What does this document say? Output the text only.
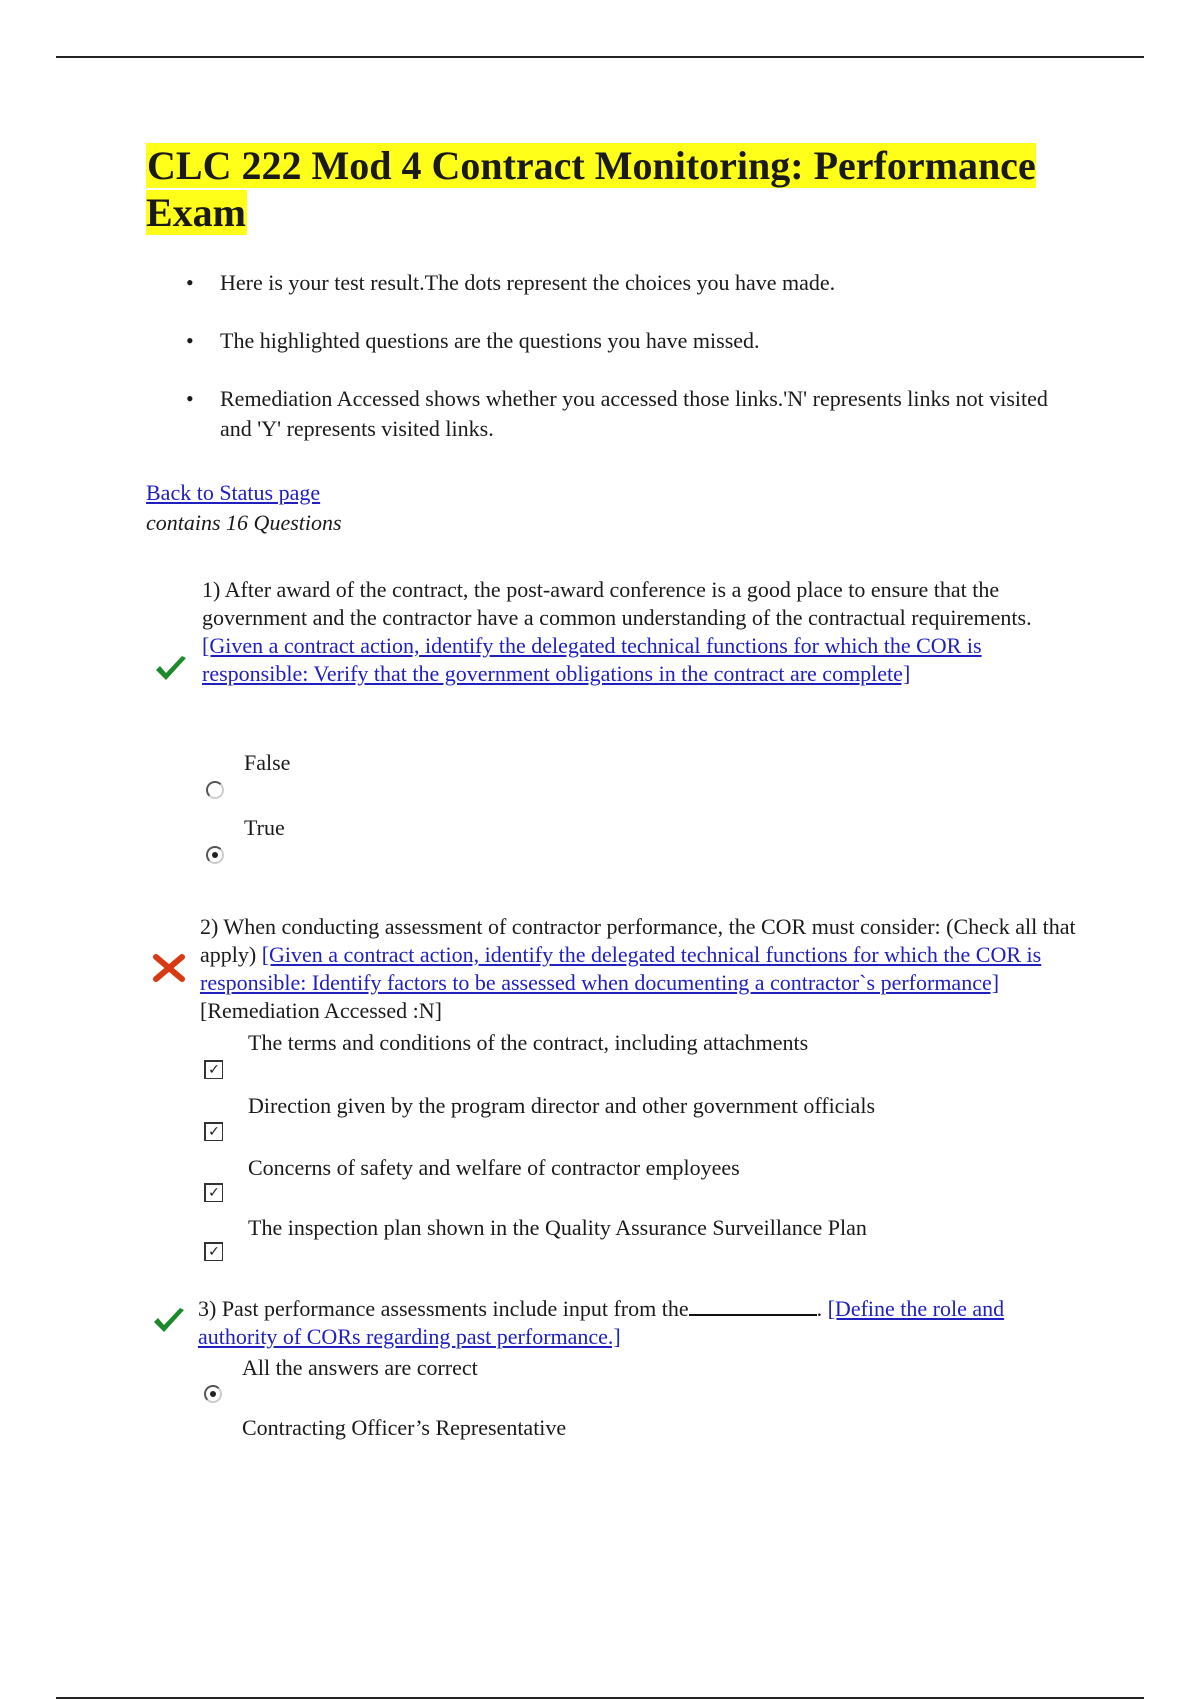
CLC 222 Mod 4 Contract Monitoring: Performance Exam
• Here is your test result.The dots represent the choices you have made.
• The highlighted questions are the questions you have missed.
• Remediation Accessed shows whether you accessed those links.'N' represents links not visited and 'Y' represents visited links.
Back to Status page
contains 16 Questions
1) After award of the contract, the post-award conference is a good place to ensure that the government and the contractor have a common understanding of the contractual requirements. [Given a contract action, identify the delegated technical functions for which the COR is responsible: Verify that the government obligations in the contract are complete]
False
True
2) When conducting assessment of contractor performance, the COR must consider: (Check all that apply) [Given a contract action, identify the delegated technical functions for which the COR is responsible: Identify factors to be assessed when documenting a contractor`s performance] [Remediation Accessed :N]
The terms and conditions of the contract, including attachments
✓
Direction given by the program director and other government officials
✓
Concerns of safety and welfare of contractor employees
✓
The inspection plan shown in the Quality Assurance Surveillance Plan
✓
3) Past performance assessments include input from the	. [Define the role and authority of CORs regarding past performance.]
All the answers are correct
Contracting Officer’s Representative
